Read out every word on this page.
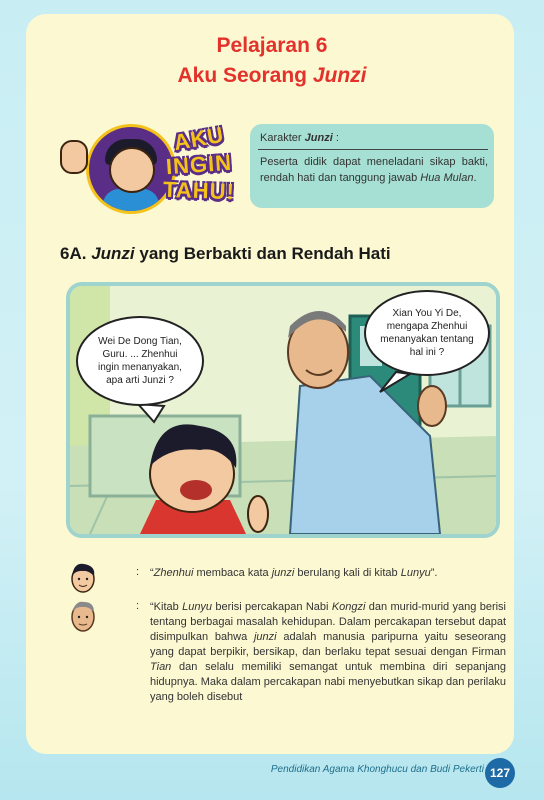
Pelajaran 6
Aku Seorang Junzi
AKU
INGIN
TAHU!
Karakter Junzi :
Peserta didik dapat meneladani sikap bakti, rendah hati dan tanggung jawab Hua Mulan.
6A. Junzi yang Berbakti dan Rendah Hati
Wei De Dong Tian,
Guru. ... Zhenhui
ingin menanyakan,
apa arti Junzi ?
Xian You Yi De,
mengapa Zhenhui
menanyakan tentang
hal ini ?
: “Zhenhui membaca kata junzi berulang kali di kitab Lunyu”.
: “Kitab Lunyu berisi percakapan Nabi Kongzi dan murid-murid yang berisi tentang berbagai masalah kehidupan. Dalam percakapan tersebut dapat disimpulkan bahwa junzi adalah manusia paripurna yaitu seseorang yang dapat berpikir, bersikap, dan berlaku tepat sesuai dengan Firman Tian dan selalu memiliki semangat untuk membina diri sepanjang hidupnya. Maka dalam percakapan nabi menyebutkan sikap dan perilaku yang boleh disebut
Pendidikan Agama Khonghucu dan Budi Pekerti 127
